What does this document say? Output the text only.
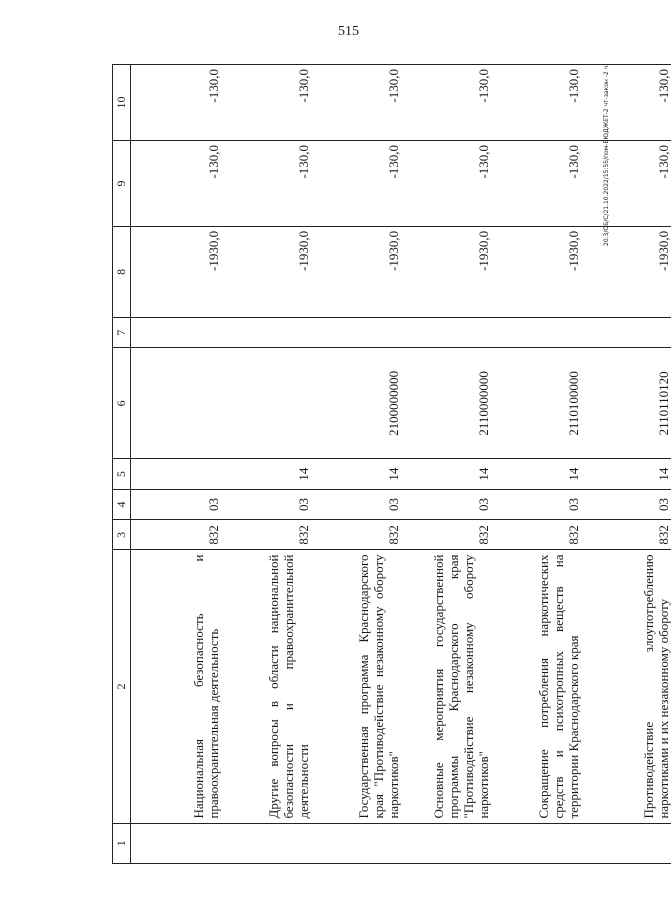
515
20.3/ОБ/С/21.10.2022/15:55/пом-БЮДЖЕТ-2 чт-закон -2 ч.
1	2	3	4	5	6	7	8	9	10
	Национальная безопасность и правоохранительная деятельность	832	03				-1930,0	-130,0	-130,0
	Другие вопросы в области национальной безопасности и правоохранительной деятельности	832	03	14			-1930,0	-130,0	-130,0
	Государственная программа Краснодарского края "Противодействие незаконному обороту наркотиков"	832	03	14	2100000000		-1930,0	-130,0	-130,0
	Основные мероприятия государственной программы Краснодарского края "Противодействие незаконному обороту наркотиков"	832	03	14	2110000000		-1930,0	-130,0	-130,0
	Сокращение потребления наркотических средств и психотропных веществ на территории Краснодарского края	832	03	14	2110100000		-1930,0	-130,0	-130,0
	Противодействие злоупотреблению наркотиками и их незаконному обороту	832	03	14	2110110120		-1930,0	-130,0	-130,0
